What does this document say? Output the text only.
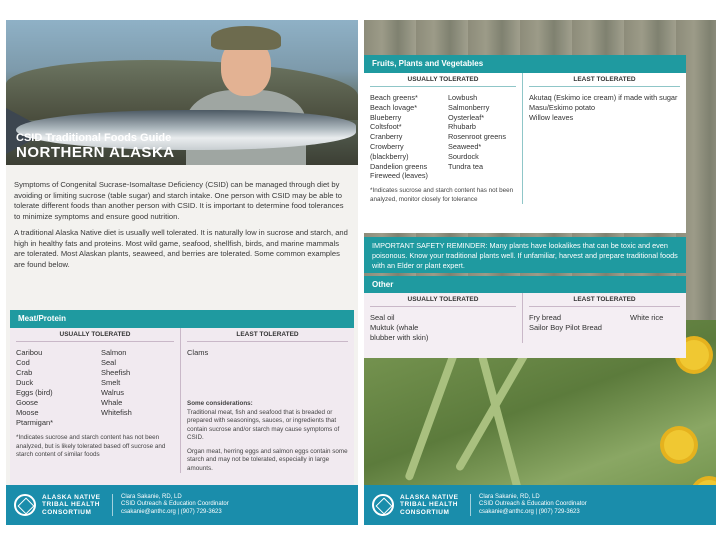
CSID Traditional Foods Guide
NORTHERN ALASKA

Symptoms of Congenital Sucrase-Isomaltase Deficiency (CSID) can be managed through diet by avoiding or limiting sucrose (table sugar) and starch intake. One person with CSID may be able to tolerate different foods than another person with CSID. It is important to determine food tolerances to minimize symptoms and ensure good nutrition.

A traditional Alaska Native diet is usually well tolerated. It is naturally low in sucrose and starch, and high in healthy fats and proteins. Most wild game, seafood, shellfish, birds, and marine mammals are tolerated. Most Alaskan plants, seaweed, and berries are tolerated. Some common examples are found below.

Meat/Protein
USUALLY TOLERATED
Caribou
Cod
Crab
Duck
Eggs (bird)
Goose
Moose
Ptarmigan*
Salmon
Seal
Sheefish
Smelt
Walrus
Whale
Whitefish
*Indicates sucrose and starch content has not been analyzed, but is likely tolerated based off sucrose and starch content of similar foods
LEAST TOLERATED
Clams
Some considerations:
Traditional meat, fish and seafood that is breaded or prepared with seasonings, sauces, or ingredients that contain sucrose and/or starch may cause symptoms of CSID.
Organ meat, herring eggs and salmon eggs contain some starch and may not be tolerated, especially in large amounts.
ALASKA NATIVE
TRIBAL HEALTH
CONSORTIUM
Clara Sakanie, RD, LD
CSID Outreach & Education Coordinator
csakanie@anthc.org | (907) 729-3623
Fruits, Plants and Vegetables
USUALLY TOLERATED
Beach greens*
Beach lovage*
Blueberry
Coltsfoot*
Cranberry
Crowberry (blackberry)
Dandelion greens
Fireweed (leaves)
Lowbush
Salmonberry
Oysterleaf*
Rhubarb
Rosenroot greens
Seaweed*
Sourdock
Tundra tea
*Indicates sucrose and starch content has not been analyzed, monitor closely for tolerance
LEAST TOLERATED
Akutaq (Eskimo ice cream) if made with sugar
Masu/Eskimo potato
Willow leaves
IMPORTANT SAFETY REMINDER: Many plants have lookalikes that can be toxic and even poisonous. Know your traditional plants well. If unfamiliar, harvest and prepare traditional foods with an Elder or plant expert.
Other
USUALLY TOLERATED
Seal oil
Muktuk (whale blubber with skin)
LEAST TOLERATED
Fry bread
Sailor Boy Pilot Bread
White rice
ALASKA NATIVE
TRIBAL HEALTH
CONSORTIUM
Clara Sakanie, RD, LD
CSID Outreach & Education Coordinator
csakanie@anthc.org | (907) 729-3623
